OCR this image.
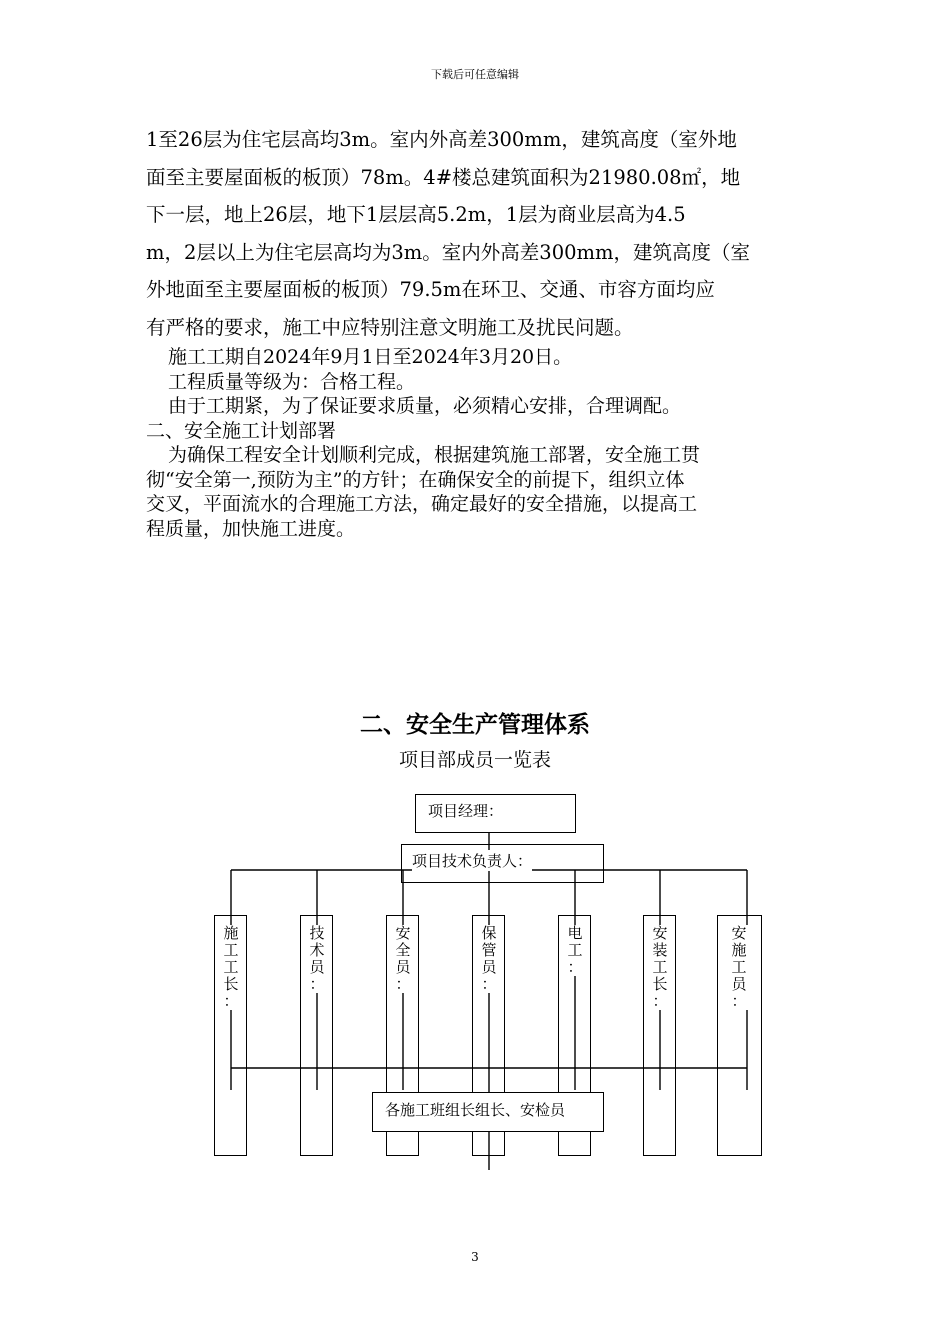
下载后可任意编辑
1至26层为住宅层高均3m。室内外高差300mm，建筑高度（室外地
面至主要屋面板的板顶）78m。4#楼总建筑面积为21980.08㎡，地
下一层，地上26层，地下1层层高5.2m，1层为商业层高为4.5
m，2层以上为住宅层高均为3m。室内外高差300mm，建筑高度（室
外地面至主要屋面板的板顶）79.5m在环卫、交通、市容方面均应
有严格的要求，施工中应特别注意文明施工及扰民问题。
施工工期自2024年9月1日至2024年3月20日。
工程质量等级为：合格工程。
由于工期紧，为了保证要求质量，必须精心安排，合理调配。
二、安全施工计划部署
为确保工程安全计划顺利完成，根据建筑施工部署，安全施工贯
彻“安全第一,预防为主”的方针；在确保安全的前提下，组织立体
交叉，平面流水的合理施工方法，确定最好的安全措施，以提高工
程质量，加快施工进度。
二、安全生产管理体系
项目部成员一览表
项目经理：
项目技术负责人：
施
工
工
长
：
技
术
员
：
安
全
员
：
保
管
员
：
电
工
：
安
装
工
长
：
安
施
工
员
：
各施工班组长组长、安检员
3
